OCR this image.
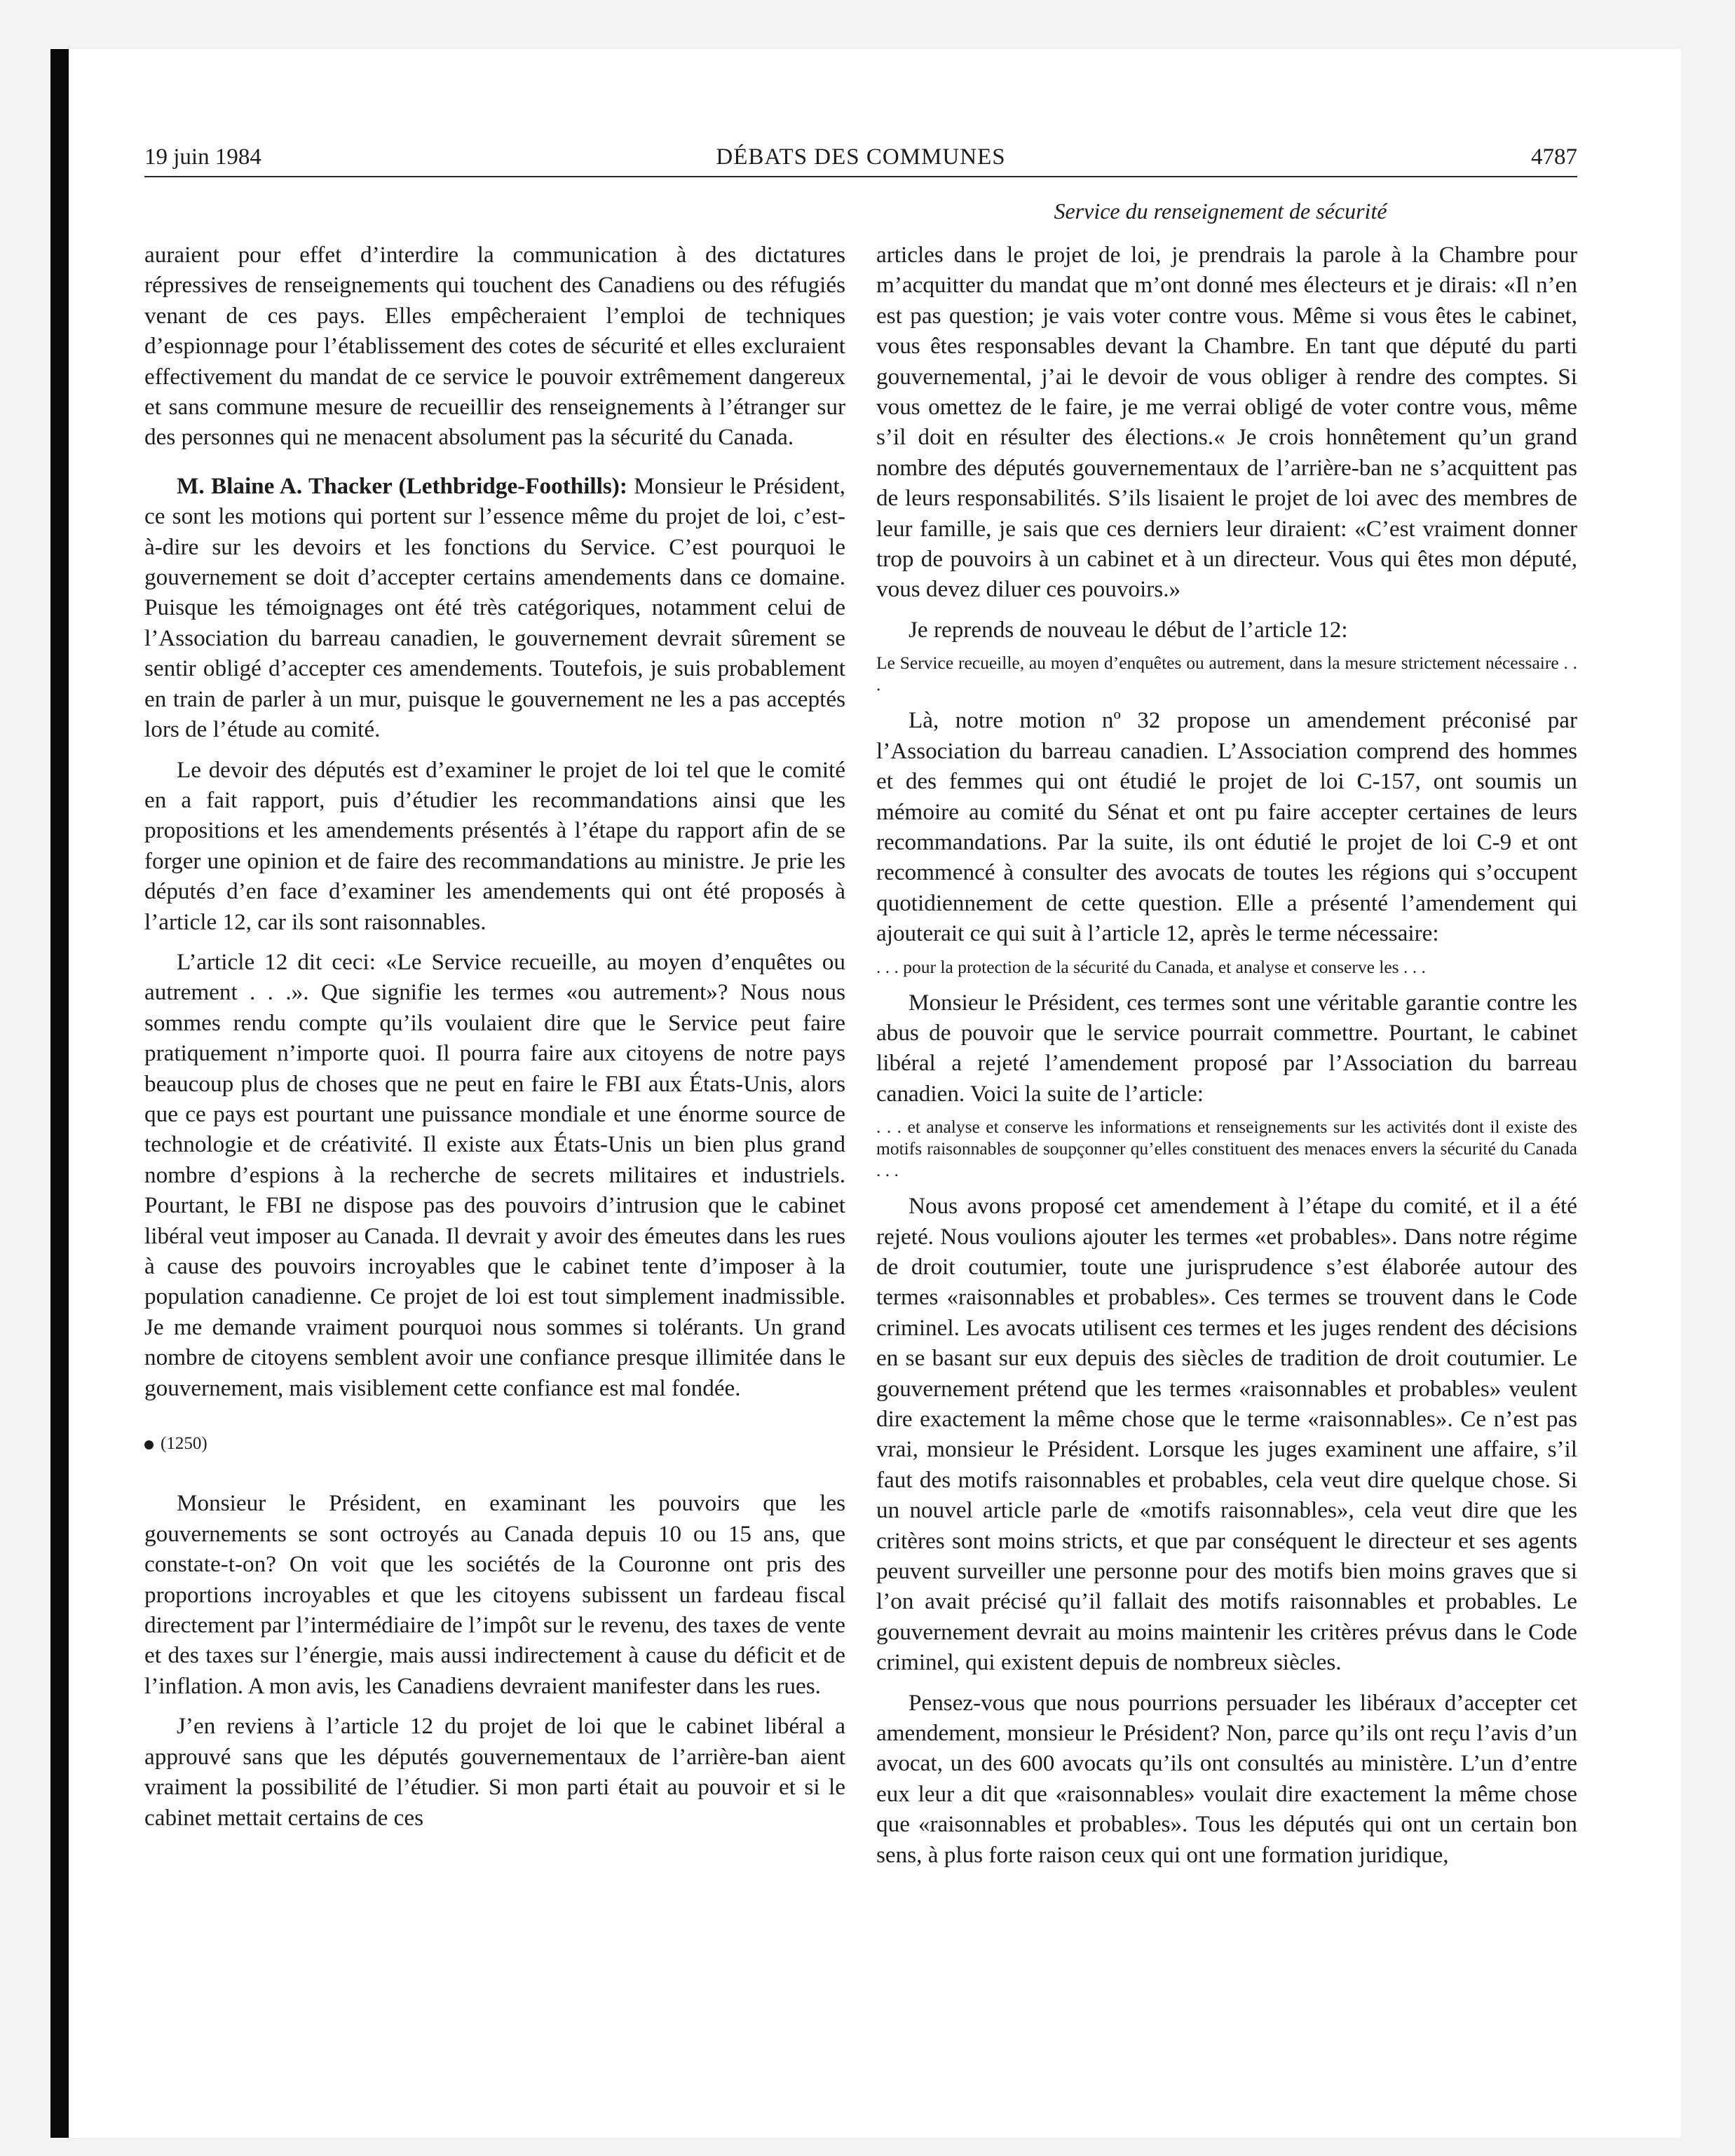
19 juin 1984	DÉBATS DES COMMUNES	4787
Service du renseignement de sécurité

auraient pour effet d’interdire la communication à des dictatures répressives de renseignements qui touchent des Canadiens ou des réfugiés venant de ces pays. Elles empêcheraient l’emploi de techniques d’espionnage pour l’établissement des cotes de sécurité et elles excluraient effectivement du mandat de ce service le pouvoir extrêmement dangereux et sans commune mesure de recueillir des renseignements à l’étranger sur des personnes qui ne menacent absolument pas la sécurité du Canada.

M. Blaine A. Thacker (Lethbridge-Foothills): Monsieur le Président, ce sont les motions qui portent sur l’essence même du projet de loi, c’est-à-dire sur les devoirs et les fonctions du Service. C’est pourquoi le gouvernement se doit d’accepter certains amendements dans ce domaine. Puisque les témoignages ont été très catégoriques, notamment celui de l’Association du barreau canadien, le gouvernement devrait sûrement se sentir obligé d’accepter ces amendements. Toutefois, je suis probablement en train de parler à un mur, puisque le gouvernement ne les a pas acceptés lors de l’étude au comité.

Le devoir des députés est d’examiner le projet de loi tel que le comité en a fait rapport, puis d’étudier les recommandations ainsi que les propositions et les amendements présentés à l’étape du rapport afin de se forger une opinion et de faire des recommandations au ministre. Je prie les députés d’en face d’examiner les amendements qui ont été proposés à l’article 12, car ils sont raisonnables.

L’article 12 dit ceci: «Le Service recueille, au moyen d’enquêtes ou autrement . . .». Que signifie les termes «ou autrement»? Nous nous sommes rendu compte qu’ils voulaient dire que le Service peut faire pratiquement n’importe quoi. Il pourra faire aux citoyens de notre pays beaucoup plus de choses que ne peut en faire le FBI aux États-Unis, alors que ce pays est pourtant une puissance mondiale et une énorme source de technologie et de créativité. Il existe aux États-Unis un bien plus grand nombre d’espions à la recherche de secrets militaires et industriels. Pourtant, le FBI ne dispose pas des pouvoirs d’intrusion que le cabinet libéral veut imposer au Canada. Il devrait y avoir des émeutes dans les rues à cause des pouvoirs incroyables que le cabinet tente d’imposer à la population canadienne. Ce projet de loi est tout simplement inadmissible. Je me demande vraiment pourquoi nous sommes si tolérants. Un grand nombre de citoyens semblent avoir une confiance presque illimitée dans le gouvernement, mais visiblement cette confiance est mal fondée.

(1250)

Monsieur le Président, en examinant les pouvoirs que les gouvernements se sont octroyés au Canada depuis 10 ou 15 ans, que constate-t-on? On voit que les sociétés de la Couronne ont pris des proportions incroyables et que les citoyens subissent un fardeau fiscal directement par l’intermédiaire de l’impôt sur le revenu, des taxes de vente et des taxes sur l’énergie, mais aussi indirectement à cause du déficit et de l’inflation. A mon avis, les Canadiens devraient manifester dans les rues.

J’en reviens à l’article 12 du projet de loi que le cabinet libéral a approuvé sans que les députés gouvernementaux de l’arrière-ban aient vraiment la possibilité de l’étudier. Si mon parti était au pouvoir et si le cabinet mettait certains de ces

articles dans le projet de loi, je prendrais la parole à la Chambre pour m’acquitter du mandat que m’ont donné mes électeurs et je dirais: «Il n’en est pas question; je vais voter contre vous. Même si vous êtes le cabinet, vous êtes responsables devant la Chambre. En tant que député du parti gouvernemental, j’ai le devoir de vous obliger à rendre des comptes. Si vous omettez de le faire, je me verrai obligé de voter contre vous, même s’il doit en résulter des élections.« Je crois honnêtement qu’un grand nombre des députés gouvernementaux de l’arrière-ban ne s’acquittent pas de leurs responsabilités. S’ils lisaient le projet de loi avec des membres de leur famille, je sais que ces derniers leur diraient: «C’est vraiment donner trop de pouvoirs à un cabinet et à un directeur. Vous qui êtes mon député, vous devez diluer ces pouvoirs.»

Je reprends de nouveau le début de l’article 12:

Le Service recueille, au moyen d’enquêtes ou autrement, dans la mesure strictement nécessaire . . .

Là, notre motion nº 32 propose un amendement préconisé par l’Association du barreau canadien. L’Association comprend des hommes et des femmes qui ont étudié le projet de loi C-157, ont soumis un mémoire au comité du Sénat et ont pu faire accepter certaines de leurs recommandations. Par la suite, ils ont édutié le projet de loi C-9 et ont recommencé à consulter des avocats de toutes les régions qui s’occupent quotidiennement de cette question. Elle a présenté l’amendement qui ajouterait ce qui suit à l’article 12, après le terme nécessaire:

. . . pour la protection de la sécurité du Canada, et analyse et conserve les . . .

Monsieur le Président, ces termes sont une véritable garantie contre les abus de pouvoir que le service pourrait commettre. Pourtant, le cabinet libéral a rejeté l’amendement proposé par l’Association du barreau canadien. Voici la suite de l’article:

. . . et analyse et conserve les informations et renseignements sur les activités dont il existe des motifs raisonnables de soupçonner qu’elles constituent des menaces envers la sécurité du Canada . . .

Nous avons proposé cet amendement à l’étape du comité, et il a été rejeté. Nous voulions ajouter les termes «et probables». Dans notre régime de droit coutumier, toute une jurisprudence s’est élaborée autour des termes «raisonnables et probables». Ces termes se trouvent dans le Code criminel. Les avocats utilisent ces termes et les juges rendent des décisions en se basant sur eux depuis des siècles de tradition de droit coutumier. Le gouvernement prétend que les termes «raisonnables et probables» veulent dire exactement la même chose que le terme «raisonnables». Ce n’est pas vrai, monsieur le Président. Lorsque les juges examinent une affaire, s’il faut des motifs raisonnables et probables, cela veut dire quelque chose. Si un nouvel article parle de «motifs raisonnables», cela veut dire que les critères sont moins stricts, et que par conséquent le directeur et ses agents peuvent surveiller une personne pour des motifs bien moins graves que si l’on avait précisé qu’il fallait des motifs raisonnables et probables. Le gouvernement devrait au moins maintenir les critères prévus dans le Code criminel, qui existent depuis de nombreux siècles.

Pensez-vous que nous pourrions persuader les libéraux d’accepter cet amendement, monsieur le Président? Non, parce qu’ils ont reçu l’avis d’un avocat, un des 600 avocats qu’ils ont consultés au ministère. L’un d’entre eux leur a dit que «raisonnables» voulait dire exactement la même chose que «raisonnables et probables». Tous les députés qui ont un certain bon sens, à plus forte raison ceux qui ont une formation juridique,
